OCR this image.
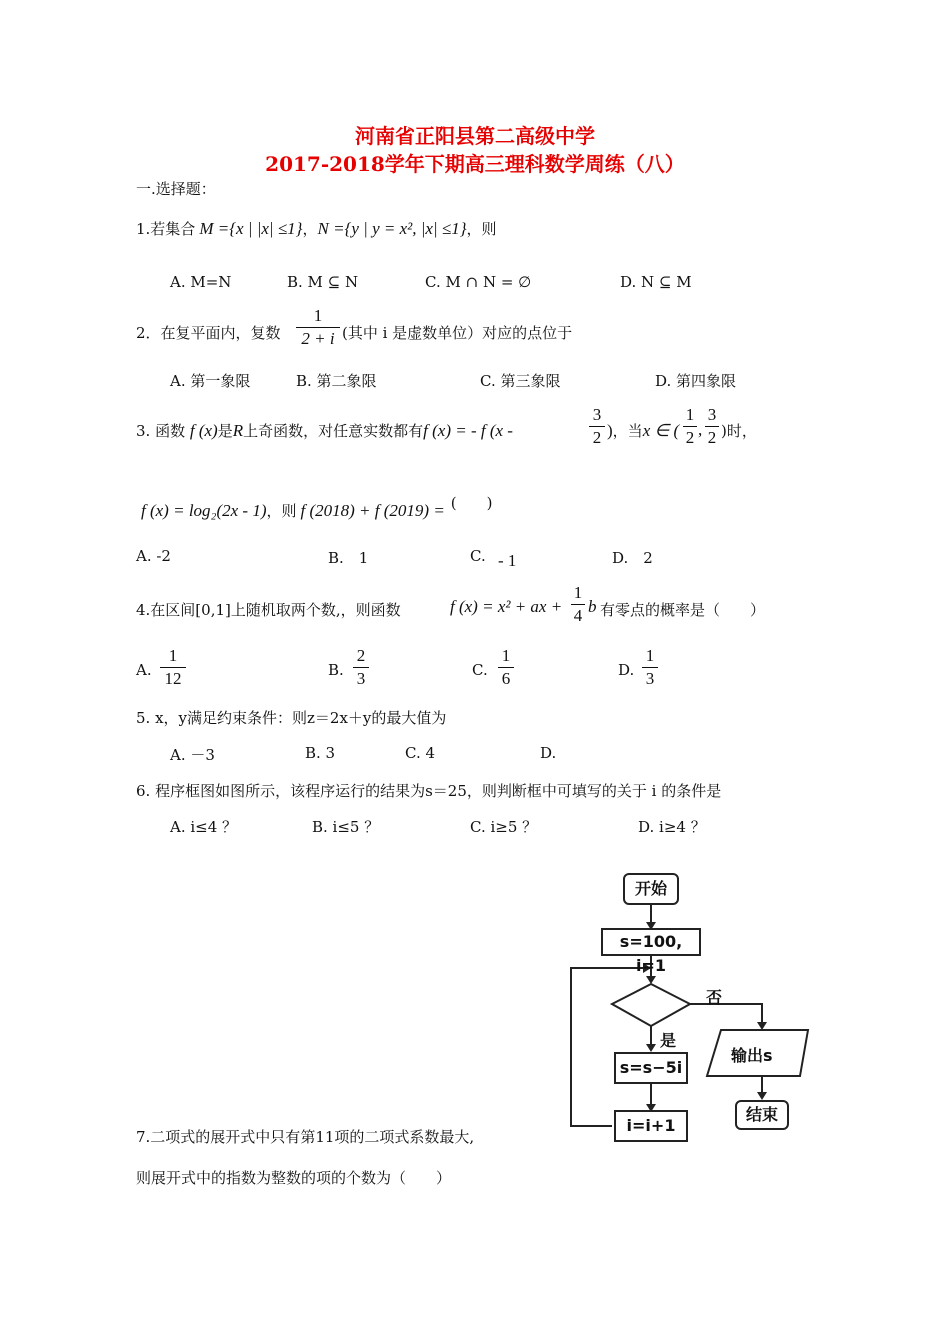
河南省正阳县第二高级中学
2017-2018学年下期高三理科数学周练（八）
一.选择题：
1.若集合 M ={x | |x| ≤1}，N ={y | y = x², |x| ≤1}，则
A. M=N	B. M ⊆ N	C. M ∩ N = ∅	D. N ⊆ M
2．在复平面内，复数
1
2 + i (其中 i 是虚数单位）对应的点位于
A. 第一象限	B. 第二象限	C. 第三象限	D. 第四象限
3. 函数 f (x)是R上奇函数，对任意实数都有f (x) = - f (x -
3
2 )，当x ∈ (
1
2 ,
3
2 )时，
f (x) = log₂(2x - 1)，则 f (2018) + f (2019) = (　　)
A. -2	B.　1	C. - 1	D.　2
4.在区间[0,1]上随机取两个数,，则函数	f (x) = x² + ax +
1
4 b 有零点的概率是（　　）
A.
1
12	B.
2
3	C.
1
6	D.
1
3
5. x，y满足约束条件：则z＝2x＋y的最大值为
A. －3	B. 3	C. 4	D.
6. 程序框图如图所示，该程序运行的结果为s＝25，则判断框中可填写的关于 i 的条件是
A. i≤4 ？	B. i≤5 ？	C. i≥5 ？	D. i≥4 ？
开始
s=100, i=1
否
是
s=s−5i
i=i+1
输出s
结束
7.二项式的展开式中只有第11项的二项式系数最大,
则展开式中的指数为整数的项的个数为（　　）
